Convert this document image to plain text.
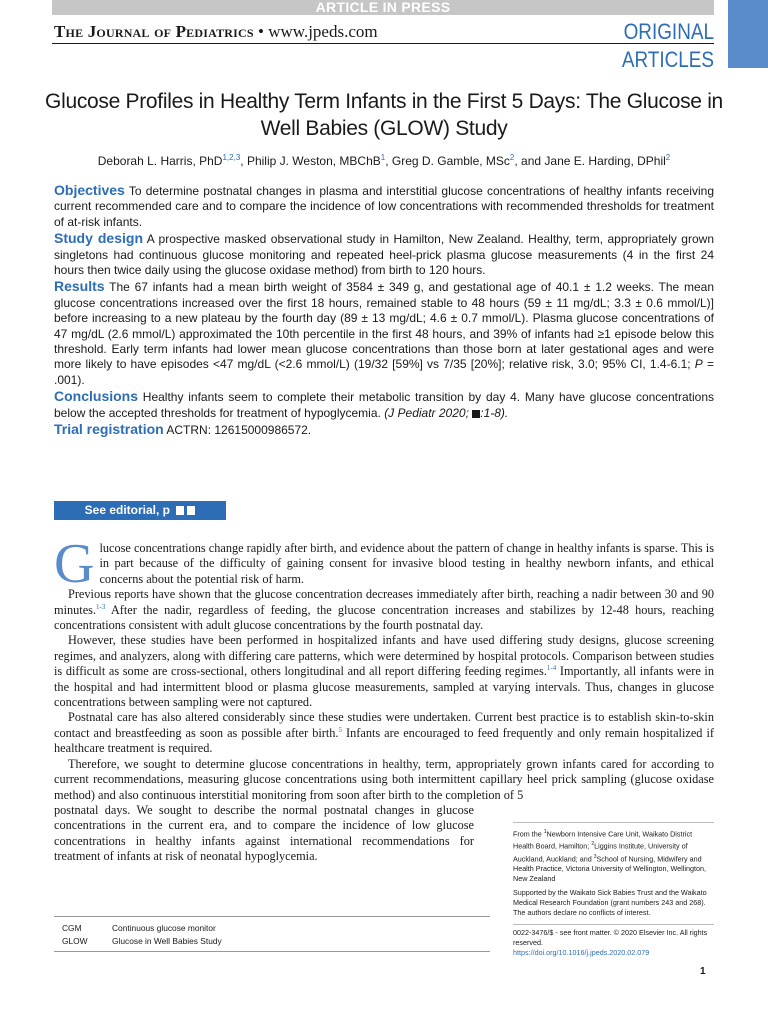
ARTICLE IN PRESS
The Journal of Pediatrics • www.jpeds.com	ORIGINAL
ARTICLES
Glucose Profiles in Healthy Term Infants in the First 5 Days: The Glucose in Well Babies (GLOW) Study
Deborah L. Harris, PhD$^{1,2,3}$, Philip J. Weston, MBChB$^1$, Greg D. Gamble, MSc$^2$, and Jane E. Harding, DPhil$^2$

Objectives To determine postnatal changes in plasma and interstitial glucose concentrations of healthy infants receiving current recommended care and to compare the incidence of low concentrations with recommended thresholds for treatment of at-risk infants.

Study design A prospective masked observational study in Hamilton, New Zealand. Healthy, term, appropriately grown singletons had continuous glucose monitoring and repeated heel-prick plasma glucose measurements (4 in the first 24 hours then twice daily using the glucose oxidase method) from birth to 120 hours.

Results The 67 infants had a mean birth weight of 3584 ± 349 g, and gestational age of 40.1 ± 1.2 weeks. The mean glucose concentrations increased over the first 18 hours, remained stable to 48 hours (59 ± 11 mg/dL; 3.3 ± 0.6 mmol/L)] before increasing to a new plateau by the fourth day (89 ± 13 mg/dL; 4.6 ± 0.7 mmol/L). Plasma glucose concentrations of 47 mg/dL (2.6 mmol/L) approximated the 10th percentile in the first 48 hours, and 39% of infants had ≥1 episode below this threshold. Early term infants had lower mean glucose concentrations than those born at later gestational ages and were more likely to have episodes <47 mg/dL (<2.6 mmol/L) (19/32 [59%] vs 7/35 [20%]; relative risk, 3.0; 95% CI, 1.4-6.1; P = .001).

Conclusions Healthy infants seem to complete their metabolic transition by day 4. Many have glucose concentrations below the accepted thresholds for treatment of hypoglycemia. (J Pediatr 2020; :1-8).

Trial registration ACTRN: 12615000986572.

See editorial, p

Glucose concentrations change rapidly after birth, and evidence about the pattern of change in healthy infants is sparse. This is in part because of the difficulty of gaining consent for invasive blood testing in healthy newborn infants, and ethical concerns about the potential risk of harm.

Previous reports have shown that the glucose concentration decreases immediately after birth, reaching a nadir between 30 and 90 minutes.$^{1-3}$ After the nadir, regardless of feeding, the glucose concentration increases and stabilizes by 12-48 hours, reaching concentrations consistent with adult glucose concentrations by the fourth postnatal day.

However, these studies have been performed in hospitalized infants and have used differing study designs, glucose screening regimes, and analyzers, along with differing care patterns, which were determined by hospital protocols. Comparison between studies is difficult as some are cross-sectional, others longitudinal and all report differing feeding regimes.$^{1-4}$ Importantly, all infants were in the hospital and had intermittent blood or plasma glucose measurements, sampled at varying intervals. Thus, changes in glucose concentrations between sampling were not captured.

Postnatal care has also altered considerably since these studies were undertaken. Current best practice is to establish skin-to-skin contact and breastfeeding as soon as possible after birth.$^5$ Infants are encouraged to feed frequently and only remain hospitalized if healthcare treatment is required.

Therefore, we sought to determine glucose concentrations in healthy, term, appropriately grown infants cared for according to current recommendations, measuring glucose concentrations using both intermittent capillary heel prick sampling (glucose oxidase method) and also continuous interstitial monitoring from soon after birth to the completion of 5

postnatal days. We sought to describe the normal postnatal changes in glucose concentrations in the current era, and to compare the incidence of low glucose concentrations in healthy infants against international recommendations for treatment of infants at risk of neonatal hypoglycemia.

From the $^1$Newborn Intensive Care Unit, Waikato District Health Board, Hamilton; $^2$Liggins Institute, University of Auckland, Auckland; and $^3$School of Nursing, Midwifery and Health Practice, Victoria University of Wellington, Wellington, New Zealand

Supported by the Waikato Sick Babies Trust and the Waikato Medical Research Foundation (grant numbers 243 and 268). The authors declare no conflicts of interest.

0022-3476/$ - see front matter. © 2020 Elsevier Inc. All rights reserved.
https://doi.org/10.1016/j.jpeds.2020.02.079
CGM	Continuous glucose monitor
GLOW	Glucose in Well Babies Study
1
